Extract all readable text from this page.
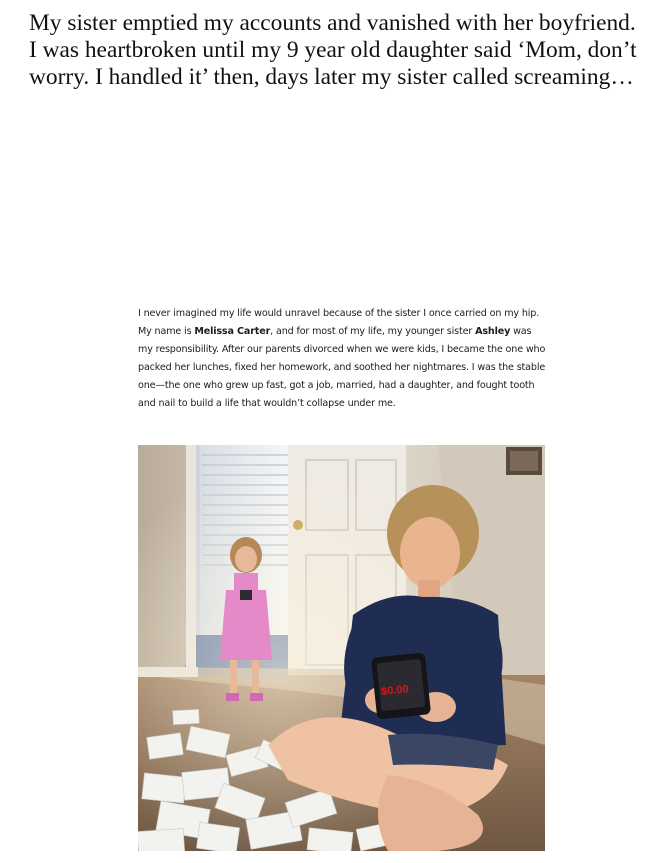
My sister emptied my accounts and vanished with her boyfriend. I was heartbroken until my 9 year old daughter said ‘Mom, don’t worry. I handled it’ then, days later my sister called screaming…

I never imagined my life would unravel because of the sister I once carried on my hip. My name is Melissa Carter, and for most of my life, my younger sister Ashley was my responsibility. After our parents divorced when we were kids, I became the one who packed her lunches, fixed her homework, and soothed her nightmares. I was the stable one—the one who grew up fast, got a job, married, had a daughter, and fought tooth and nail to build a life that wouldn’t collapse under me.

$0.00
